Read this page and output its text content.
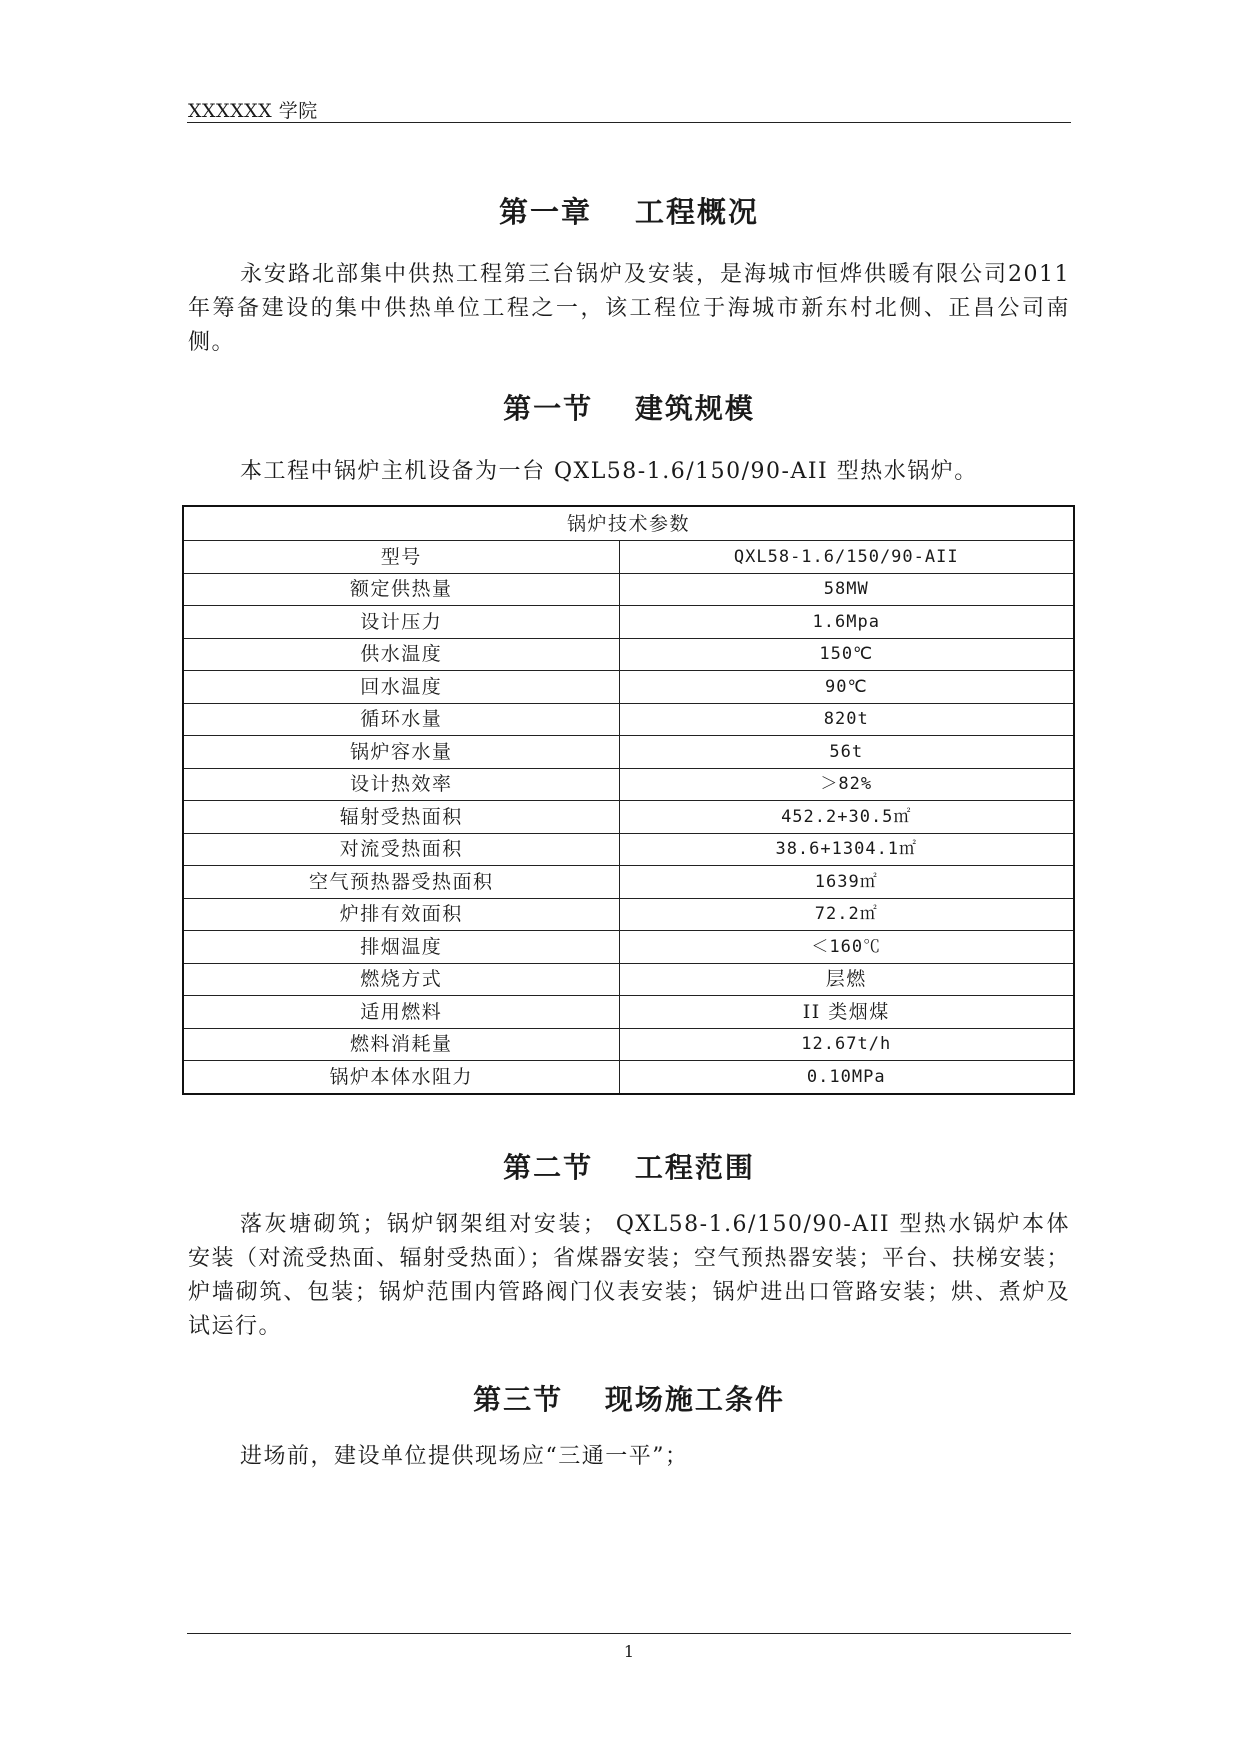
XXXXXX 学院
第一章　 工程概况

永安路北部集中供热工程第三台锅炉及安装，是海城市恒烨供暖有限公司2011 年筹备建设的集中供热单位工程之一，该工程位于海城市新东村北侧、正昌公司南侧。

第一节　 建筑规模

本工程中锅炉主机设备为一台 QXL58-1.6/150/90-AII 型热水锅炉。

锅炉技术参数	
型号	QXL58-1.6/150/90-AII
额定供热量	58MW
设计压力	1.6Mpa
供水温度	150℃
回水温度	90℃
循环水量	820t
锅炉容水量	56t
设计热效率	＞82%
辐射受热面积	452.2+30.5㎡
对流受热面积	38.6+1304.1㎡
空气预热器受热面积	1639㎡
炉排有效面积	72.2㎡
排烟温度	＜160℃
燃烧方式	层燃
适用燃料	II 类烟煤
燃料消耗量	12.67t/h
锅炉本体水阻力	0.10MPa
第二节　 工程范围

落灰塘砌筑；锅炉钢架组对安装； QXL58-1.6/150/90-AII 型热水锅炉本体安装（对流受热面、辐射受热面）；省煤器安装；空气预热器安装；平台、扶梯安装；炉墙砌筑、包装；锅炉范围内管路阀门仪表安装；锅炉进出口管路安装；烘、煮炉及试运行。

第三节　 现场施工条件

进场前，建设单位提供现场应“三通一平”；

1
